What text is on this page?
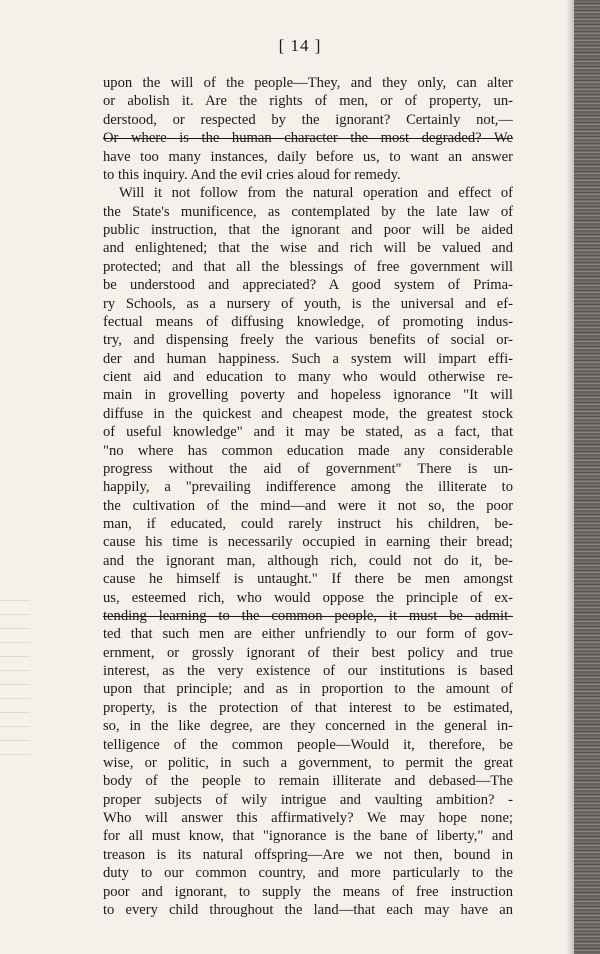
[ 14 ]
upon the will of the people—They, and they only, can alter
or abolish it. Are the rights of men, or of property, un-
derstood, or respected by the ignorant? Certainly not,—
Or where is the human character the most degraded? We
have too many instances, daily before us, to want an answer
to this inquiry. And the evil cries aloud for remedy.
Will it not follow from the natural operation and effect of
the State's munificence, as contemplated by the late law of
public instruction, that the ignorant and poor will be aided
and enlightened; that the wise and rich will be valued and
protected; and that all the blessings of free government will
be understood and appreciated? A good system of Prima-
ry Schools, as a nursery of youth, is the universal and ef-
fectual means of diffusing knowledge, of promoting indus-
try, and dispensing freely the various benefits of social or-
der and human happiness. Such a system will impart effi-
cient aid and education to many who would otherwise re-
main in grovelling poverty and hopeless ignorance "It will
diffuse in the quickest and cheapest mode, the greatest stock
of useful knowledge" and it may be stated, as a fact, that
"no where has common education made any considerable
progress without the aid of government" There is un-
happily, a "prevailing indifference among the illiterate to
the cultivation of the mind—and were it not so, the poor
man, if educated, could rarely instruct his children, be-
cause his time is necessarily occupied in earning their bread;
and the ignorant man, although rich, could not do it, be-
cause he himself is untaught." If there be men amongst
us, esteemed rich, who would oppose the principle of ex-
tending learning to the common people, it must be admit-
ted that such men are either unfriendly to our form of gov-
ernment, or grossly ignorant of their best policy and true
interest, as the very existence of our institutions is based
upon that principle; and as in proportion to the amount of
property, is the protection of that interest to be estimated,
so, in the like degree, are they concerned in the general in-
telligence of the common people—Would it, therefore, be
wise, or politic, in such a government, to permit the great
body of the people to remain illiterate and debased—The
proper subjects of wily intrigue and vaulting ambition? -
Who will answer this affirmatively? We may hope none;
for all must know, that "ignorance is the bane of liberty," and
treason is its natural offspring—Are we not then, bound in
duty to our common country, and more particularly to the
poor and ignorant, to supply the means of free instruction
to every child throughout the land—that each may have an
